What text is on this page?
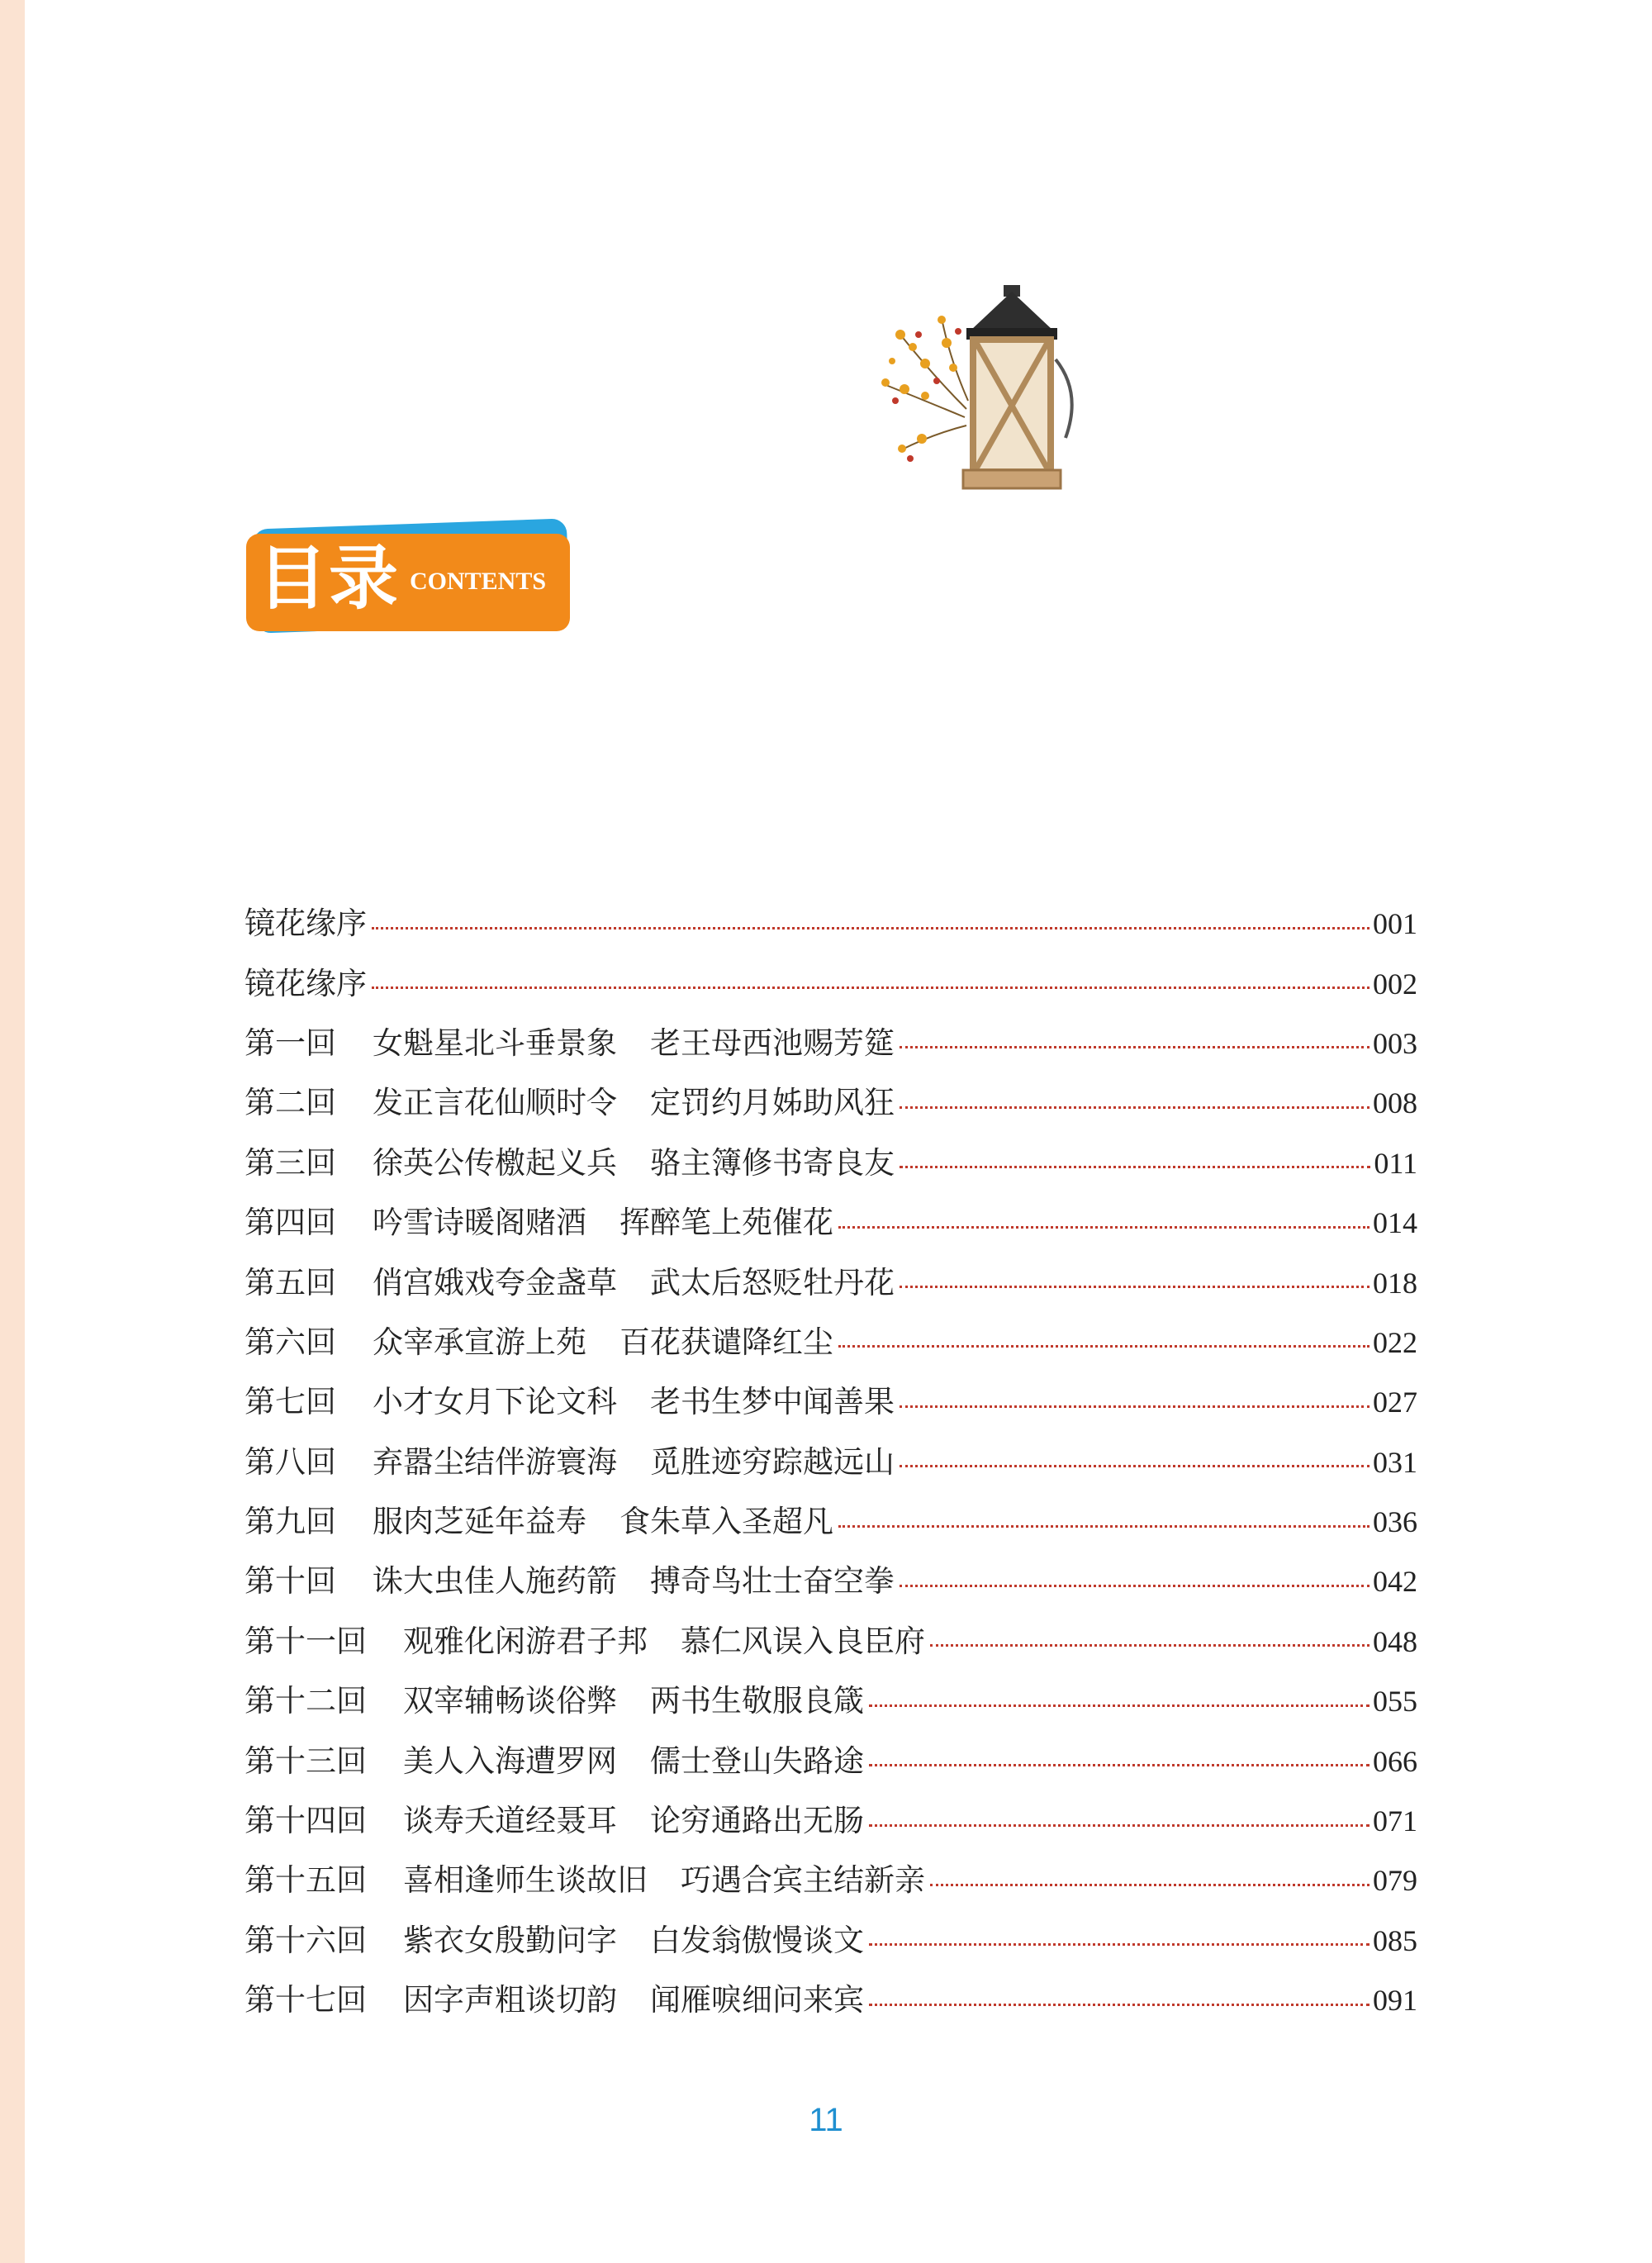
目录 CONTENTS
镜花缘序	001
镜花缘序	002
第一回 女魁星北斗垂景象 老王母西池赐芳筵	003
第二回 发正言花仙顺时令 定罚约月姊助风狂	008
第三回 徐英公传檄起义兵 骆主簿修书寄良友	011
第四回 吟雪诗暖阁赌酒 挥醉笔上苑催花	014
第五回 俏宫娥戏夸金盏草 武太后怒贬牡丹花	018
第六回 众宰承宣游上苑 百花获谴降红尘	022
第七回 小才女月下论文科 老书生梦中闻善果	027
第八回 弃嚣尘结伴游寰海 觅胜迹穷踪越远山	031
第九回 服肉芝延年益寿 食朱草入圣超凡	036
第十回 诛大虫佳人施药箭 搏奇鸟壮士奋空拳	042
第十一回 观雅化闲游君子邦 慕仁风误入良臣府	048
第十二回 双宰辅畅谈俗弊 两书生敬服良箴	055
第十三回 美人入海遭罗网 儒士登山失路途	066
第十四回 谈寿夭道经聂耳 论穷通路出无肠	071
第十五回 喜相逢师生谈故旧 巧遇合宾主结新亲	079
第十六回 紫衣女殷勤问字 白发翁傲慢谈文	085
第十七回 因字声粗谈切韵 闻雁唳细问来宾	091
11
